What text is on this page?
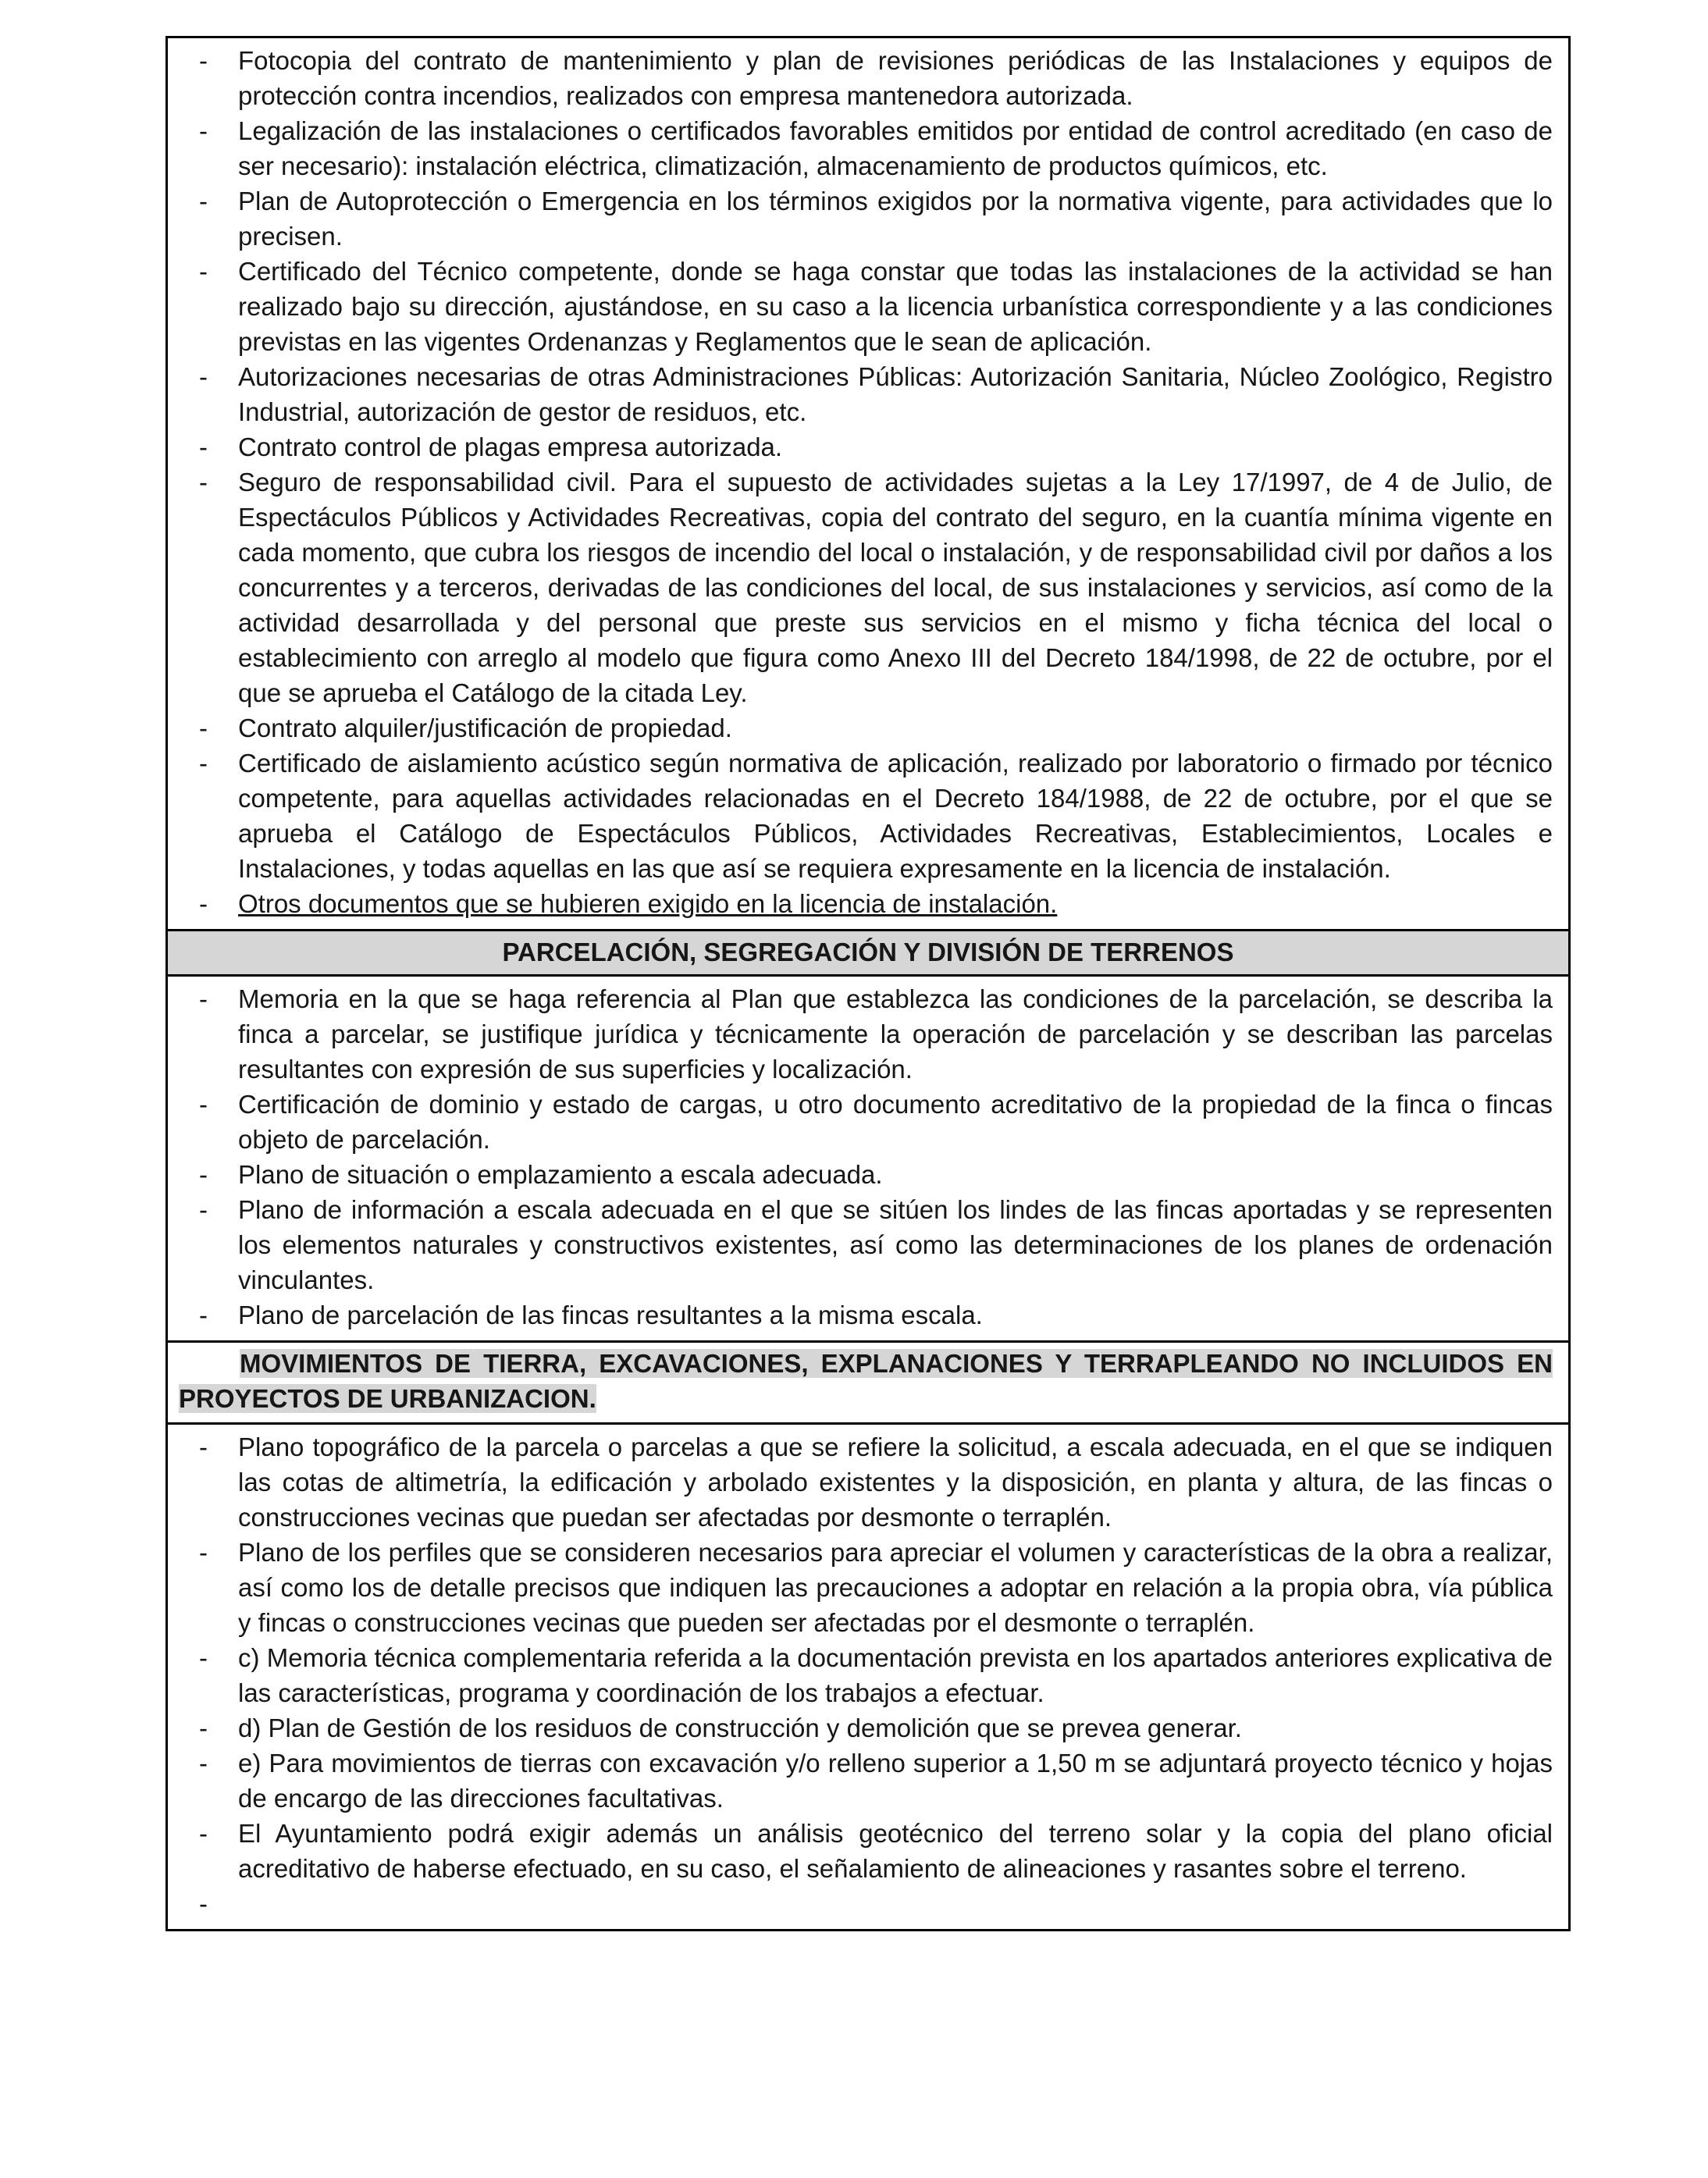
-	Fotocopia del contrato de mantenimiento y plan de revisiones periódicas de las Instalaciones y equipos de protección contra incendios, realizados con empresa mantenedora autorizada.
-	Legalización de las instalaciones o certificados favorables emitidos por entidad de control acreditado (en caso de ser necesario): instalación eléctrica, climatización, almacenamiento de productos químicos, etc.
-	Plan de Autoprotección o Emergencia en los términos exigidos por la normativa vigente, para actividades que lo precisen.
-	Certificado del Técnico competente, donde se haga constar que todas las instalaciones de la actividad se han realizado bajo su dirección, ajustándose, en su caso a la licencia urbanística correspondiente y a las condiciones previstas en las vigentes Ordenanzas y Reglamentos que le sean de aplicación.
-	Autorizaciones necesarias de otras Administraciones Públicas: Autorización Sanitaria, Núcleo Zoológico, Registro Industrial, autorización de gestor de residuos, etc.
-	Contrato control de plagas empresa autorizada.
-	Seguro de responsabilidad civil. Para el supuesto de actividades sujetas a la Ley 17/1997, de 4 de Julio, de Espectáculos Públicos y Actividades Recreativas, copia del contrato del seguro, en la cuantía mínima vigente en cada momento, que cubra los riesgos de incendio del local o instalación, y de responsabilidad civil por daños a los concurrentes y a terceros, derivadas de las condiciones del local, de sus instalaciones y servicios, así como de la actividad desarrollada y del personal que preste sus servicios en el mismo y ficha técnica del local o establecimiento con arreglo al modelo que figura como Anexo III del Decreto 184/1998, de 22 de octubre, por el que se aprueba el Catálogo de la citada Ley.
-	Contrato alquiler/justificación de propiedad.
-	Certificado de aislamiento acústico según normativa de aplicación, realizado por laboratorio o firmado por técnico competente, para aquellas actividades relacionadas en el Decreto 184/1988, de 22 de octubre, por el que se aprueba el Catálogo de Espectáculos Públicos, Actividades Recreativas, Establecimientos, Locales e Instalaciones, y todas aquellas en las que así se requiera expresamente en la licencia de instalación.
-	Otros documentos que se hubieren exigido en la licencia de instalación.
PARCELACIÓN, SEGREGACIÓN Y DIVISIÓN DE TERRENOS
-	Memoria en la que se haga referencia al Plan que establezca las condiciones de la parcelación, se describa la finca a parcelar, se justifique jurídica y técnicamente la operación de parcelación y se describan las parcelas resultantes con expresión de sus superficies y localización.
-	Certificación de dominio y estado de cargas, u otro documento acreditativo de la propiedad de la finca o fincas objeto de parcelación.
-	Plano de situación o emplazamiento a escala adecuada.
-	Plano de información a escala adecuada en el que se sitúen los lindes de las fincas aportadas y se representen los elementos naturales y constructivos existentes, así como las determinaciones de los planes de ordenación vinculantes.
-	Plano de parcelación de las fincas resultantes a la misma escala.
MOVIMIENTOS DE TIERRA, EXCAVACIONES, EXPLANACIONES Y TERRAPLEANDO NO INCLUIDOS EN PROYECTOS DE URBANIZACION.
-	Plano topográfico de la parcela o parcelas a que se refiere la solicitud, a escala adecuada, en el que se indiquen las cotas de altimetría, la edificación y arbolado existentes y la disposición, en planta y altura, de las fincas o construcciones vecinas que puedan ser afectadas por desmonte o terraplén.
-	Plano de los perfiles que se consideren necesarios para apreciar el volumen y características de la obra a realizar, así como los de detalle precisos que indiquen las precauciones a adoptar en relación a la propia obra, vía pública y fincas o construcciones vecinas que pueden ser afectadas por el desmonte o terraplén.
-	c) Memoria técnica complementaria referida a la documentación prevista en los apartados anteriores explicativa de las características, programa y coordinación de los trabajos a efectuar.
-	d) Plan de Gestión de los residuos de construcción y demolición que se prevea generar.
-	e) Para movimientos de tierras con excavación y/o relleno superior a 1,50 m se adjuntará proyecto técnico y hojas de encargo de las direcciones facultativas.
-	El Ayuntamiento podrá exigir además un análisis geotécnico del terreno solar y la copia del plano oficial acreditativo de haberse efectuado, en su caso, el señalamiento de alineaciones y rasantes sobre el terreno.
-
